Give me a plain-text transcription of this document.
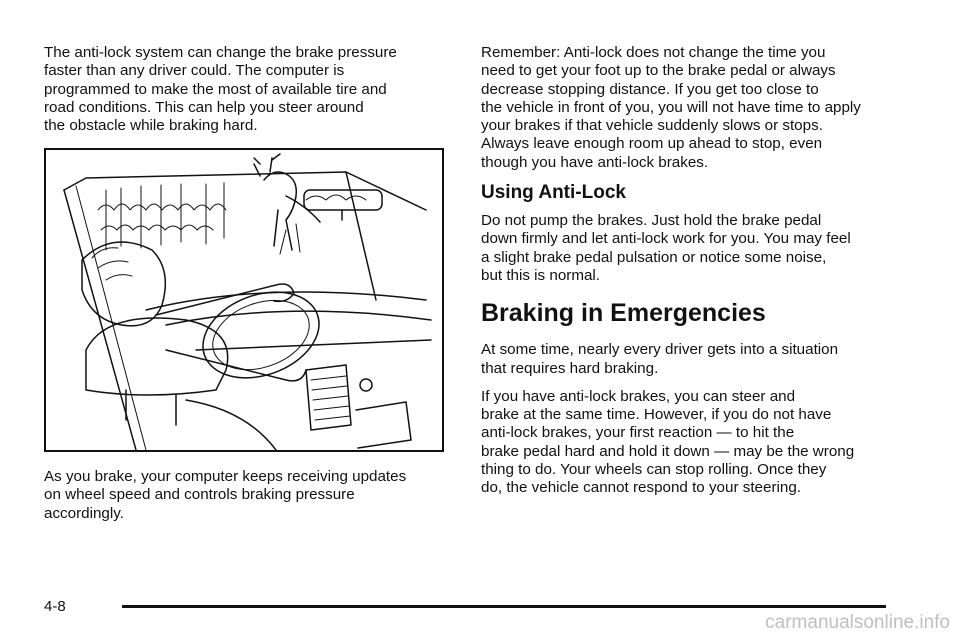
The anti-lock system can change the brake pressure
faster than any driver could. The computer is
programmed to make the most of available tire and
road conditions. This can help you steer around
the obstacle while braking hard.

As you brake, your computer keeps receiving updates
on wheel speed and controls braking pressure
accordingly.

Remember: Anti-lock does not change the time you
need to get your foot up to the brake pedal or always
decrease stopping distance. If you get too close to
the vehicle in front of you, you will not have time to apply
your brakes if that vehicle suddenly slows or stops.
Always leave enough room up ahead to stop, even
though you have anti-lock brakes.

Using Anti-Lock

Do not pump the brakes. Just hold the brake pedal
down firmly and let anti-lock work for you. You may feel
a slight brake pedal pulsation or notice some noise,
but this is normal.

Braking in Emergencies

At some time, nearly every driver gets into a situation
that requires hard braking.

If you have anti-lock brakes, you can steer and
brake at the same time. However, if you do not have
anti-lock brakes, your first reaction — to hit the
brake pedal hard and hold it down — may be the wrong
thing to do. Your wheels can stop rolling. Once they
do, the vehicle cannot respond to your steering.

4-8
carmanualsonline.info
